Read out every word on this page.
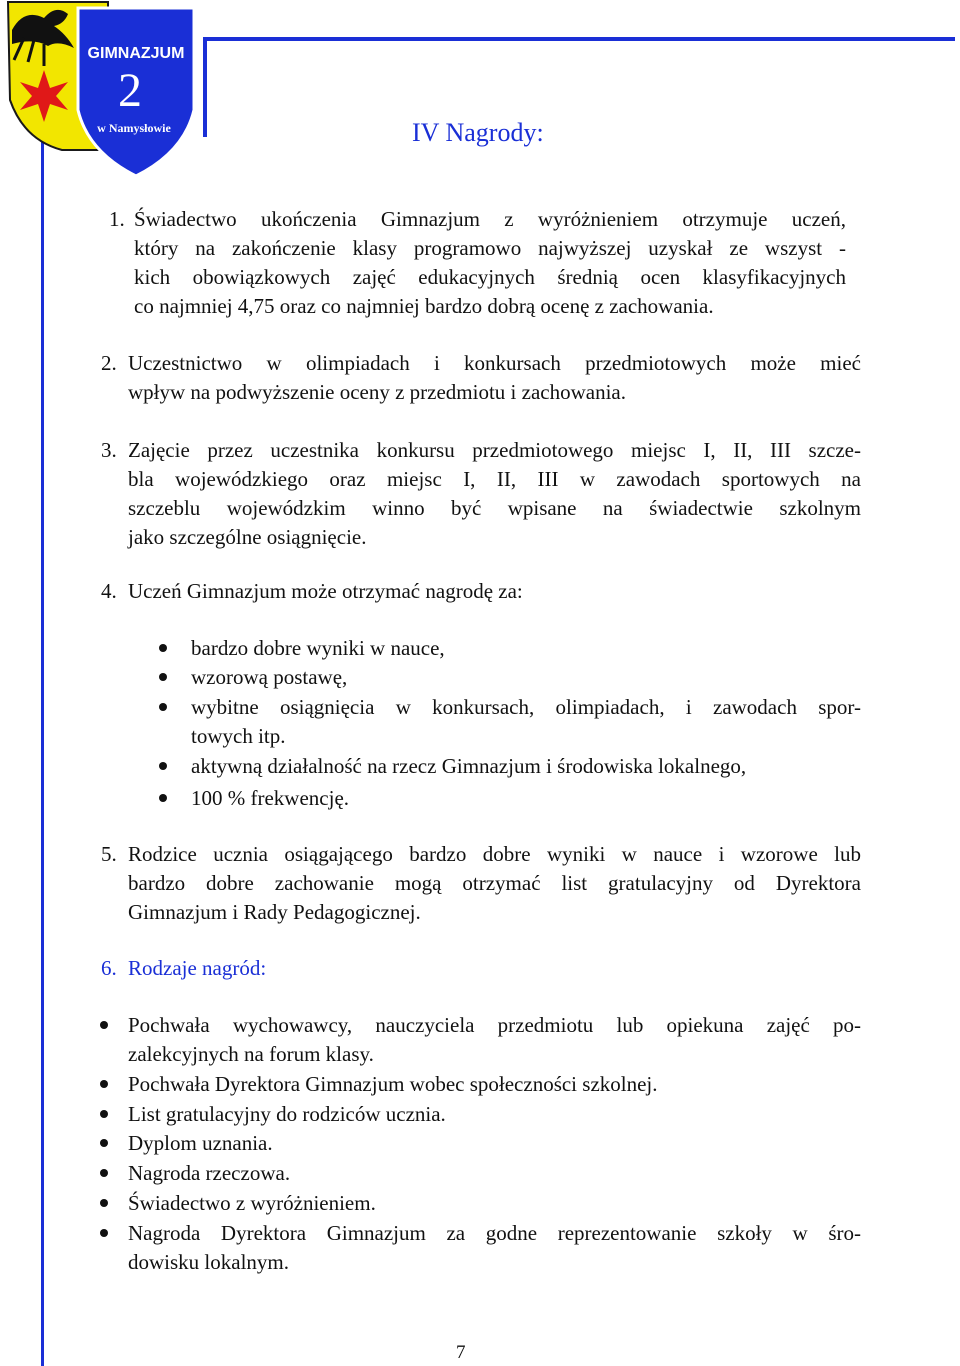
GIMNAZJUM
2
w Namysłowie	IV Nagrody:
1. Świadectwo ukończenia Gimnazjum z wyróżnieniem otrzymuje uczeń,
który na zakończenie klasy programowo najwyższej uzyskał ze wszyst -
kich obowiązkowych zajęć edukacyjnych średnią ocen klasyfikacyjnych
co najmniej 4,75 oraz co najmniej bardzo dobrą ocenę z zachowania.
2. Uczestnictwo w olimpiadach i konkursach przedmiotowych może mieć
wpływ na podwyższenie oceny z przedmiotu i zachowania.
3. Zajęcie przez uczestnika konkursu przedmiotowego miejsc I, II, III szcze-
bla wojewódzkiego oraz miejsc I, II, III w zawodach sportowych na
szczeblu wojewódzkim winno być wpisane na świadectwie szkolnym
jako szczególne osiągnięcie.
4. Uczeń Gimnazjum może otrzymać nagrodę za:
bardzo dobre wyniki w nauce,
wzorową postawę,
wybitne osiągnięcia w konkursach, olimpiadach, i zawodach spor-
towych itp.
aktywną działalność na rzecz Gimnazjum i środowiska lokalnego,
100 % frekwencję.
5. Rodzice ucznia osiągającego bardzo dobre wyniki w nauce i wzorowe lub
bardzo dobre zachowanie mogą otrzymać list gratulacyjny od Dyrektora
Gimnazjum i Rady Pedagogicznej.
6. Rodzaje nagród:
Pochwała wychowawcy, nauczyciela przedmiotu lub opiekuna zajęć po-
zalekcyjnych na forum klasy.
Pochwała Dyrektora Gimnazjum wobec społeczności szkolnej.
List gratulacyjny do rodziców ucznia.
Dyplom uznania.
Nagroda rzeczowa.
Świadectwo z wyróżnieniem.
Nagroda Dyrektora Gimnazjum za godne reprezentowanie szkoły w śro-
dowisku lokalnym.
7
